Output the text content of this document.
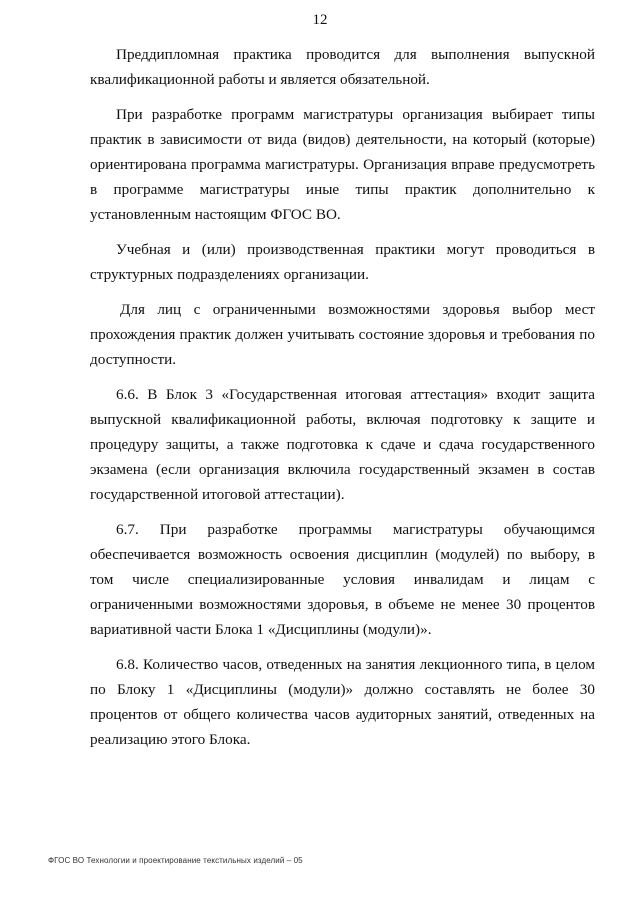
12

Преддипломная практика проводится для выполнения выпускной квалификационной работы и является обязательной.

При разработке программ магистратуры организация выбирает типы практик в зависимости от вида (видов) деятельности, на который (которые) ориентирована программа магистратуры. Организация вправе предусмотреть в программе магистратуры иные типы практик дополнительно к установленным настоящим ФГОС ВО.

Учебная и (или) производственная практики могут проводиться в структурных подразделениях организации.

Для лиц с ограниченными возможностями здоровья выбор мест прохождения практик должен учитывать состояние здоровья и требования по доступности.

6.6. В Блок 3 «Государственная итоговая аттестация» входит защита выпускной квалификационной работы, включая подготовку к защите и процедуру защиты, а также подготовка к сдаче и сдача государственного экзамена (если организация включила государственный экзамен в состав государственной итоговой аттестации).

6.7. При разработке программы магистратуры обучающимся обеспечивается возможность освоения дисциплин (модулей) по выбору, в том числе специализированные условия инвалидам и лицам с ограниченными возможностями здоровья, в объеме не менее 30 процентов вариативной части Блока 1 «Дисциплины (модули)».

6.8. Количество часов, отведенных на занятия лекционного типа, в целом по Блоку 1 «Дисциплины (модули)» должно составлять не более 30 процентов от общего количества часов аудиторных занятий, отведенных на реализацию этого Блока.

ФГОС ВО Технологии и проектирование текстильных изделий – 05
